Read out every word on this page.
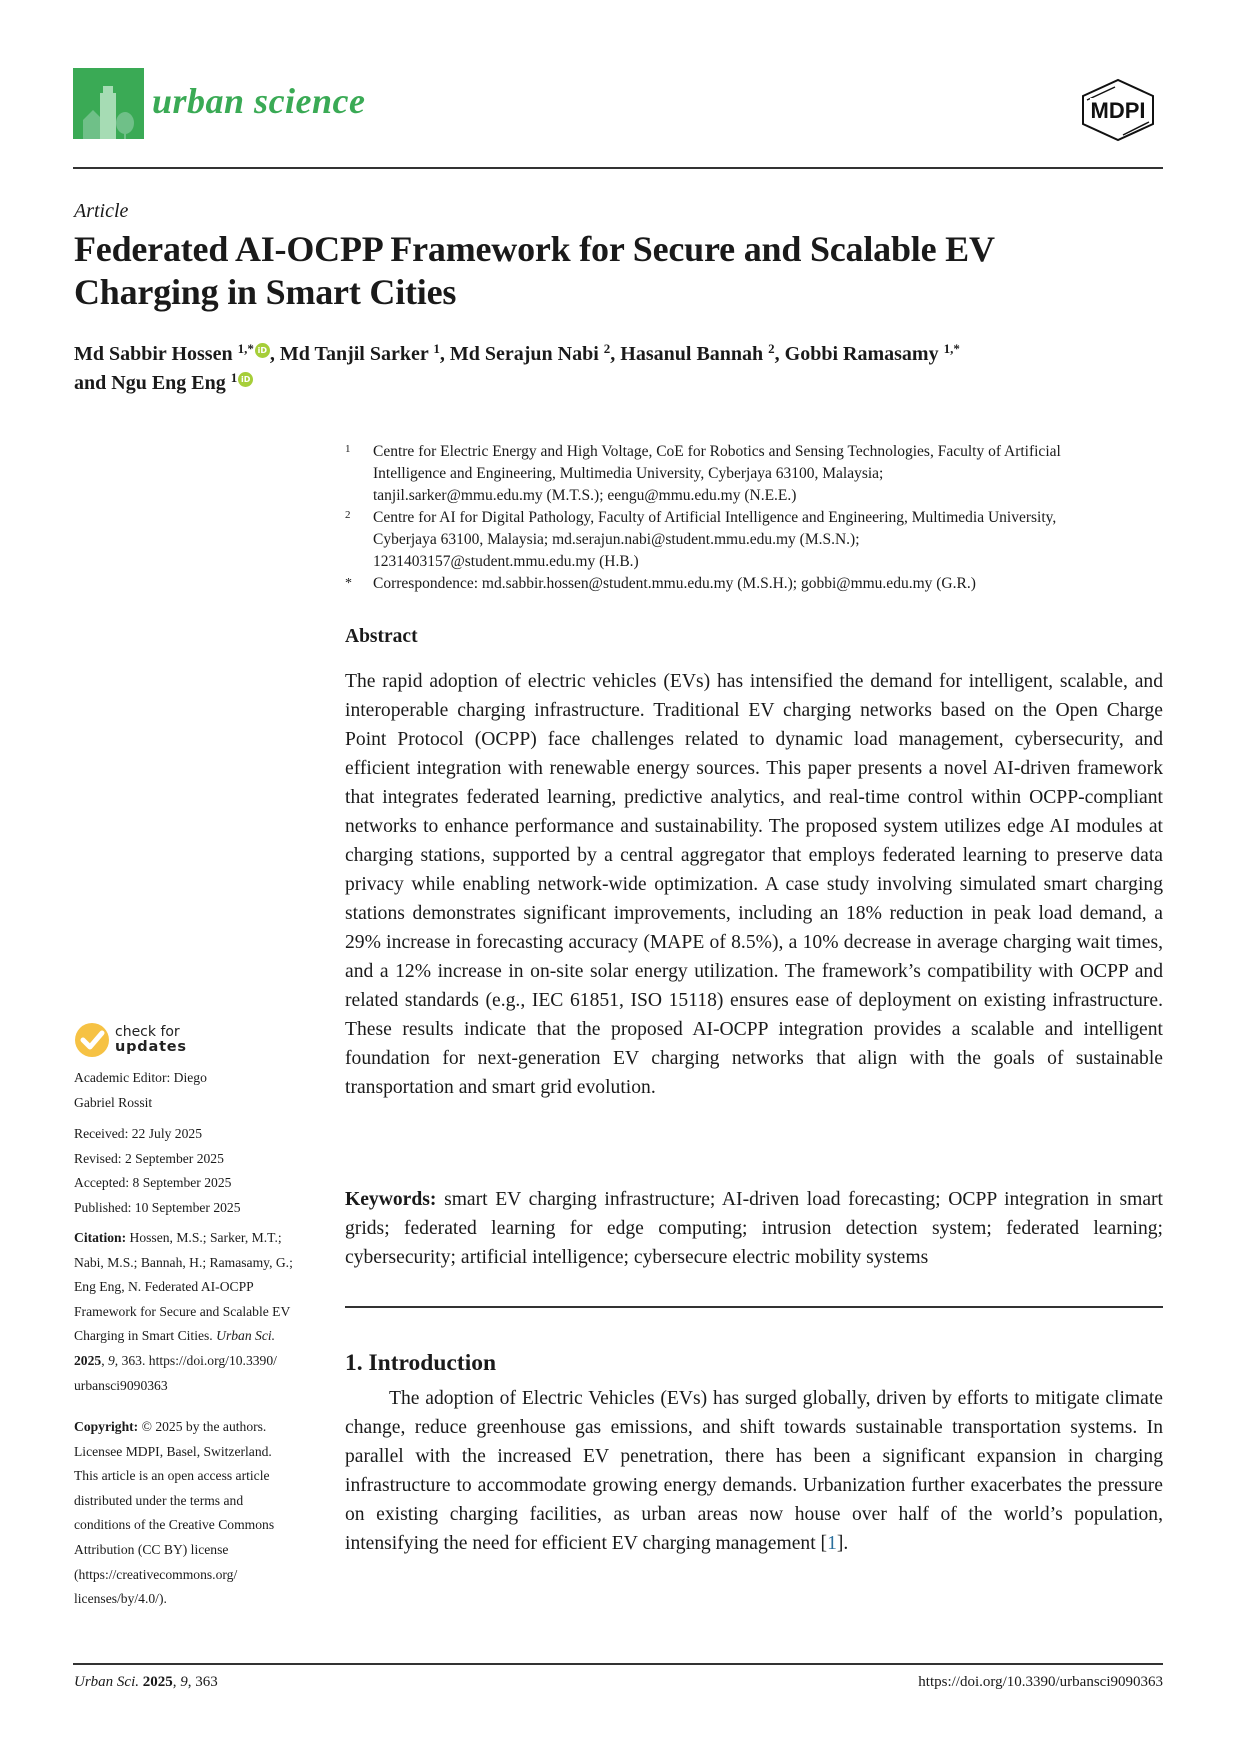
urban science	MDPI
Article
Federated AI-OCPP Framework for Secure and Scalable EV
Charging in Smart Cities
Md Sabbir Hossen $^{1,*}$ iD , Md Tanjil Sarker $^1$, Md Serajun Nabi $^2$, Hasanul Bannah $^2$, Gobbi Ramasamy $^{1,*}$
and Ngu Eng Eng $^1$ iD
1 Centre for Electric Energy and High Voltage, CoE for Robotics and Sensing Technologies, Faculty of Artificial
Intelligence and Engineering, Multimedia University, Cyberjaya 63100, Malaysia;
tanjil.sarker@mmu.edu.my (M.T.S.); eengu@mmu.edu.my (N.E.E.)
2 Centre for AI for Digital Pathology, Faculty of Artificial Intelligence and Engineering, Multimedia University,
Cyberjaya 63100, Malaysia; md.serajun.nabi@student.mmu.edu.my (M.S.N.);
1231403157@student.mmu.edu.my (H.B.)
* Correspondence: md.sabbir.hossen@student.mmu.edu.my (M.S.H.); gobbi@mmu.edu.my (G.R.)
Abstract
The rapid adoption of electric vehicles (EVs) has intensified the demand for intelligent, scalable, and interoperable charging infrastructure. Traditional EV charging networks based on the Open Charge Point Protocol (OCPP) face challenges related to dynamic load management, cybersecurity, and efficient integration with renewable energy sources. This paper presents a novel AI-driven framework that integrates federated learning, predictive analytics, and real-time control within OCPP-compliant networks to enhance performance and sustainability. The proposed system utilizes edge AI modules at charging stations, supported by a central aggregator that employs federated learning to preserve data privacy while enabling network-wide optimization. A case study involving simulated smart charging stations demonstrates significant improvements, including an 18% reduction in peak load demand, a 29% increase in forecasting accuracy (MAPE of 8.5%), a 10% decrease in average charging wait times, and a 12% increase in on-site solar energy utilization. The framework’s compatibility with OCPP and related standards (e.g., IEC 61851, ISO 15118) ensures ease of deployment on existing infrastructure. These results indicate that the proposed AI-OCPP integration provides a scalable and intelligent foundation for next-generation EV charging networks that align with the goals of sustainable transportation and smart grid evolution.
Keywords: smart EV charging infrastructure; AI-driven load forecasting; OCPP integration in smart grids; federated learning for edge computing; intrusion detection system; federated learning; cybersecurity; artificial intelligence; cybersecure electric mobility systems
1. Introduction
The adoption of Electric Vehicles (EVs) has surged globally, driven by efforts to mitigate climate change, reduce greenhouse gas emissions, and shift towards sustainable transportation systems. In parallel with the increased EV penetration, there has been a significant expansion in charging infrastructure to accommodate growing energy demands. Urbanization further exacerbates the pressure on existing charging facilities, as urban areas now house over half of the world’s population, intensifying the need for efficient EV charging management [1].
check for
updates
Academic Editor: Diego
Gabriel Rossit
Received: 22 July 2025
Revised: 2 September 2025
Accepted: 8 September 2025
Published: 10 September 2025
Citation: Hossen, M.S.; Sarker, M.T.;
Nabi, M.S.; Bannah, H.; Ramasamy, G.;
Eng Eng, N. Federated AI-OCPP
Framework for Secure and Scalable EV
Charging in Smart Cities. Urban Sci.
2025, 9, 363. https://doi.org/10.3390/
urbansci9090363
Copyright: © 2025 by the authors.
Licensee MDPI, Basel, Switzerland.
This article is an open access article
distributed under the terms and
conditions of the Creative Commons
Attribution (CC BY) license
(https://creativecommons.org/
licenses/by/4.0/).
Urban Sci. 2025, 9, 363	https://doi.org/10.3390/urbansci9090363
